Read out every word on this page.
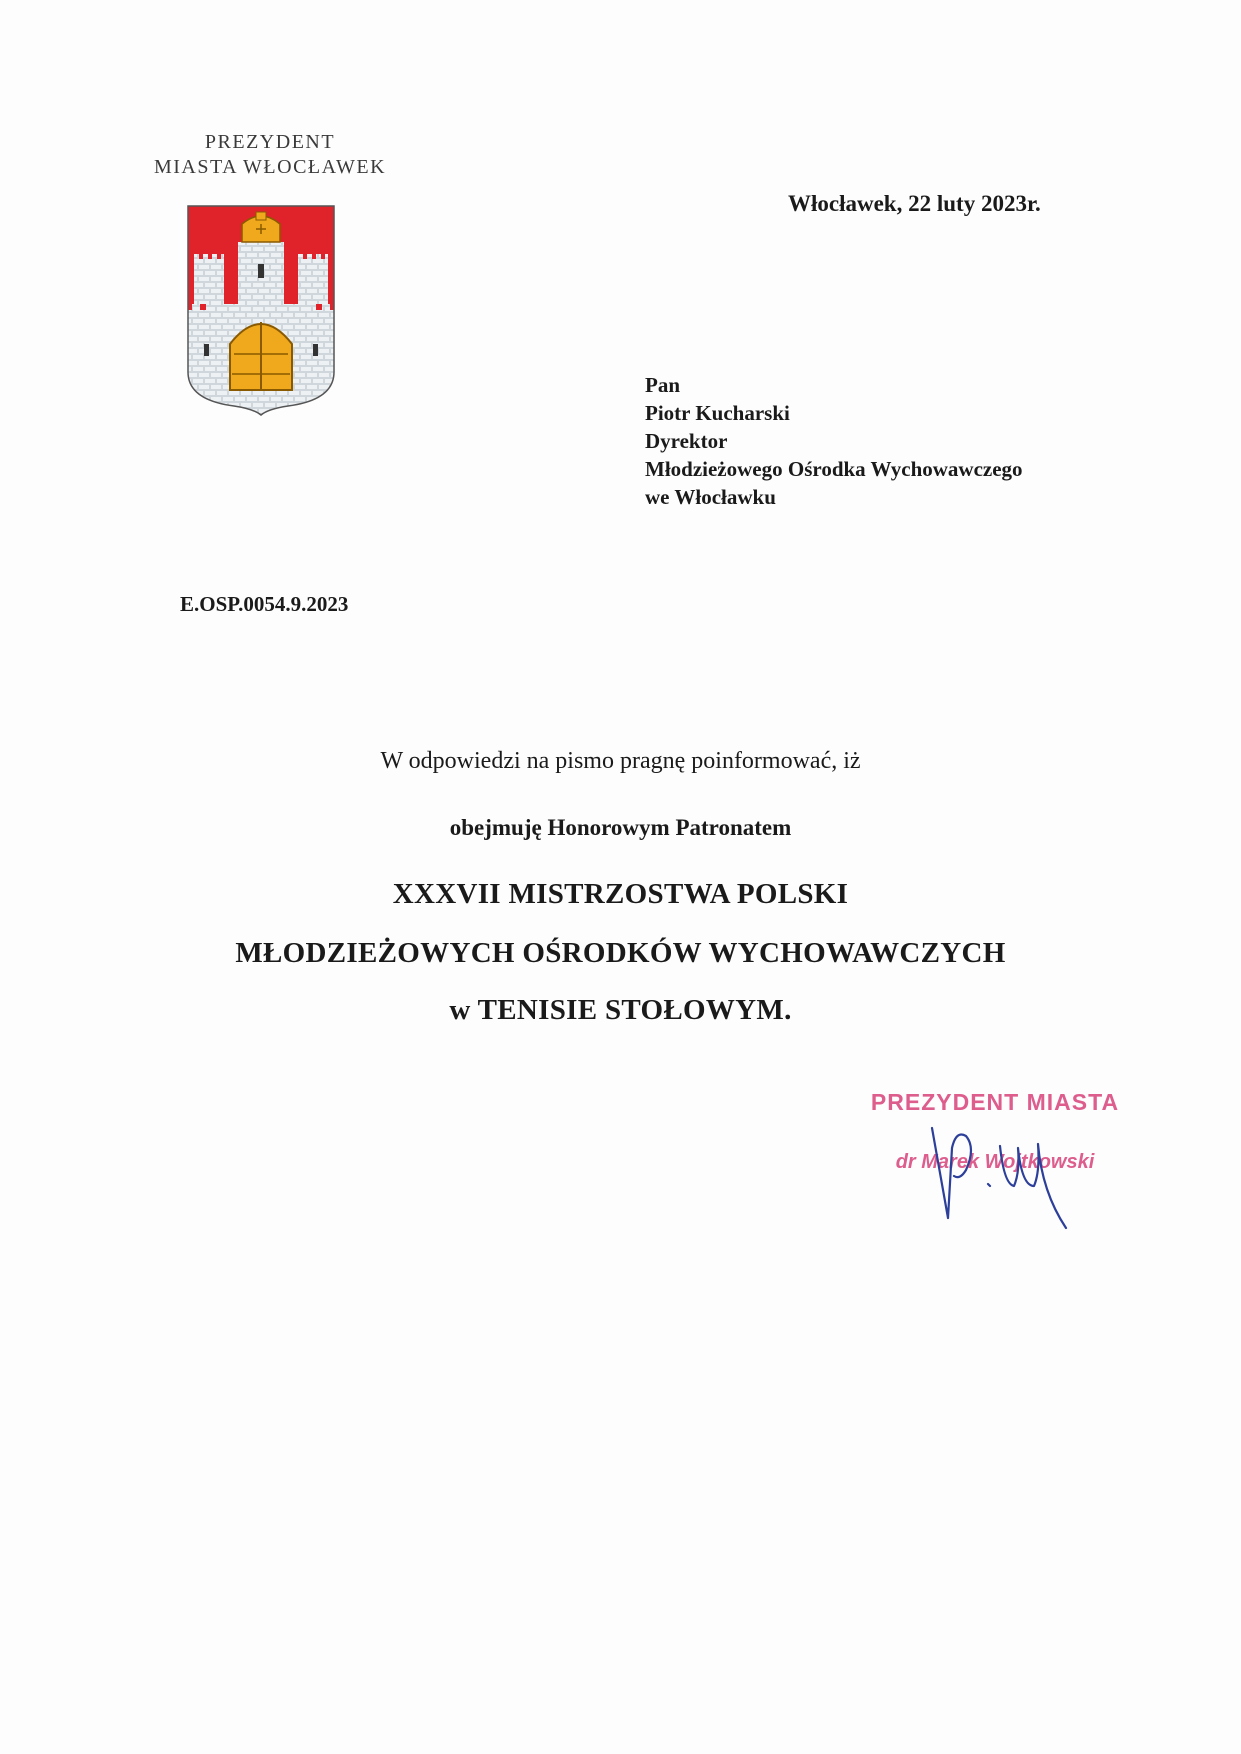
PREZYDENT
MIASTA WŁOCŁAWEK
Włocławek, 22 luty 2023r.
Pan
Piotr Kucharski
Dyrektor
Młodzieżowego Ośrodka Wychowawczego
we Włocławku
E.OSP.0054.9.2023
W odpowiedzi na pismo pragnę poinformować, iż
obejmuję Honorowym Patronatem
XXXVII MISTRZOSTWA POLSKI
MŁODZIEŻOWYCH OŚRODKÓW WYCHOWAWCZYCH
w TENISIE STOŁOWYM.
PREZYDENT MIASTA
dr Marek Wojtkowski
